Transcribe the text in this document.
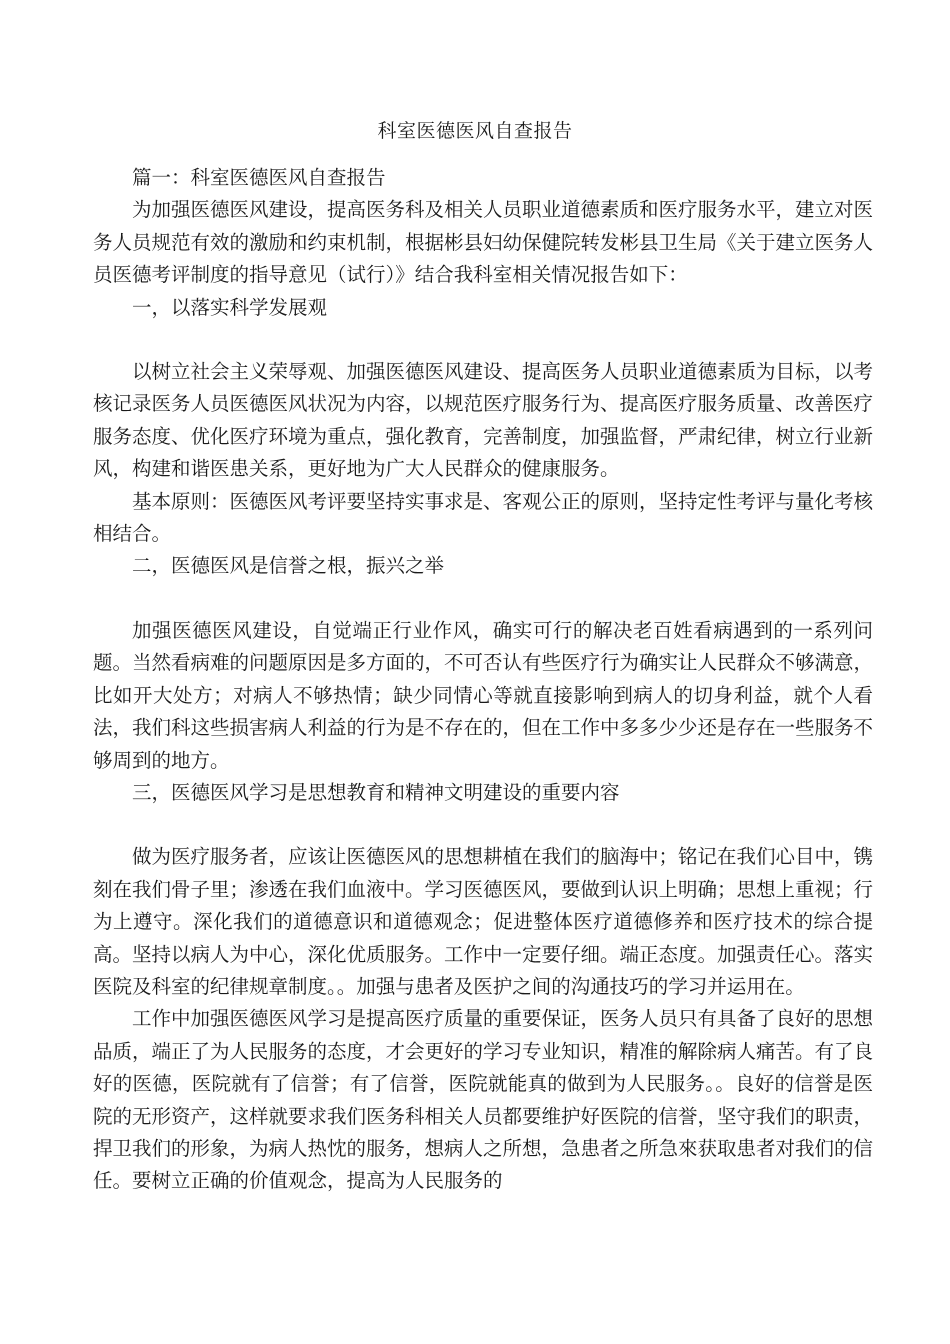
科室医德医风自查报告

篇一：科室医德医风自查报告

为加强医德医风建设，提高医务科及相关人员职业道德素质和医疗服务水平，建立对医务人员规范有效的激励和约束机制，根据彬县妇幼保健院转发彬县卫生局《关于建立医务人员医德考评制度的指导意见（试行）》结合我科室相关情况报告如下：

一，以落实科学发展观

以树立社会主义荣辱观、加强医德医风建设、提高医务人员职业道德素质为目标，以考核记录医务人员医德医风状况为内容，以规范医疗服务行为、提高医疗服务质量、改善医疗服务态度、优化医疗环境为重点，强化教育，完善制度，加强监督，严肃纪律，树立行业新风，构建和谐医患关系，更好地为广大人民群众的健康服务。

基本原则：医德医风考评要坚持实事求是、客观公正的原则，坚持定性考评与量化考核相结合。

二，医德医风是信誉之根，振兴之举

加强医德医风建设，自觉端正行业作风，确实可行的解决老百姓看病遇到的一系列问题。当然看病难的问题原因是多方面的，不可否认有些医疗行为确实让人民群众不够满意，比如开大处方；对病人不够热情；缺少同情心等就直接影响到病人的切身利益，就个人看法，我们科这些损害病人利益的行为是不存在的，但在工作中多多少少还是存在一些服务不够周到的地方。

三，医德医风学习是思想教育和精神文明建设的重要内容

做为医疗服务者，应该让医德医风的思想耕植在我们的脑海中；铭记在我们心目中，镌刻在我们骨子里；渗透在我们血液中。学习医德医风，要做到认识上明确；思想上重视；行为上遵守。深化我们的道德意识和道德观念；促进整体医疗道德修养和医疗技术的综合提高。坚持以病人为中心，深化优质服务。工作中一定要仔细。端正态度。加强责任心。落实医院及科室的纪律规章制度。。加强与患者及医护之间的沟通技巧的学习并运用在。

工作中加强医德医风学习是提高医疗质量的重要保证，医务人员只有具备了良好的思想品质，端正了为人民服务的态度，才会更好的学习专业知识，精准的解除病人痛苦。有了良好的医德，医院就有了信誉；有了信誉，医院就能真的做到为人民服务。。良好的信誉是医院的无形资产，这样就要求我们医务科相关人员都要维护好医院的信誉，坚守我们的职责，捍卫我们的形象，为病人热忱的服务，想病人之所想，急患者之所急來获取患者对我们的信任。要树立正确的价值观念，提高为人民服务的
